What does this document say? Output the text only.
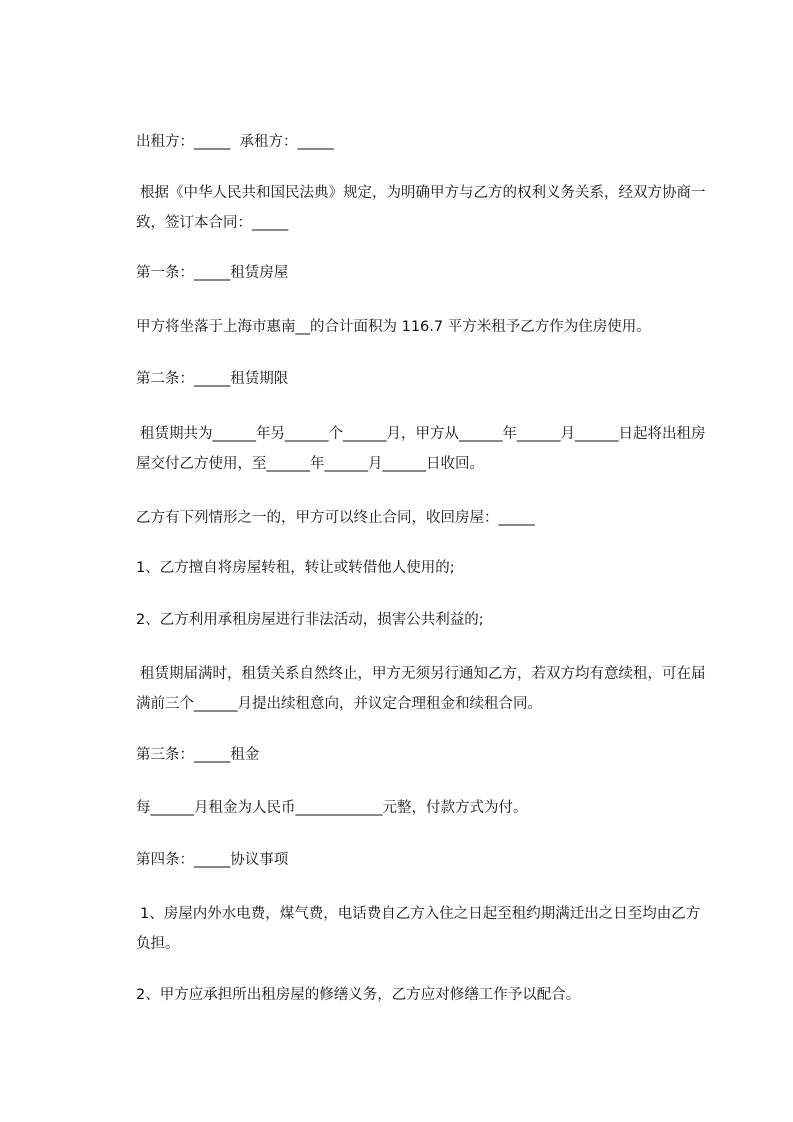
出租方：_____  承租方：_____

根据《中华人民共和国民法典》规定，为明确甲方与乙方的权利义务关系，经双方协商一致，签订本合同：_____

第一条：_____租赁房屋

甲方将坐落于上海市惠南__的合计面积为 116.7 平方米租予乙方作为住房使用。

第二条：_____租赁期限

租赁期共为______年另______个______月，甲方从______年______月______日起将出租房屋交付乙方使用，至______年______月______日收回。

乙方有下列情形之一的，甲方可以终止合同，收回房屋：_____

1、乙方擅自将房屋转租，转让或转借他人使用的;

2、乙方利用承租房屋进行非法活动，损害公共利益的;

租赁期届满时，租赁关系自然终止，甲方无须另行通知乙方，若双方均有意续租，可在届满前三个______月提出续租意向，并议定合理租金和续租合同。

第三条：_____租金

每______月租金为人民币____________元整，付款方式为付。

第四条：_____协议事项

1、房屋内外水电费，煤气费，电话费自乙方入住之日起至租约期满迁出之日至均由乙方负担。

2、甲方应承担所出租房屋的修缮义务，乙方应对修缮工作予以配合。
